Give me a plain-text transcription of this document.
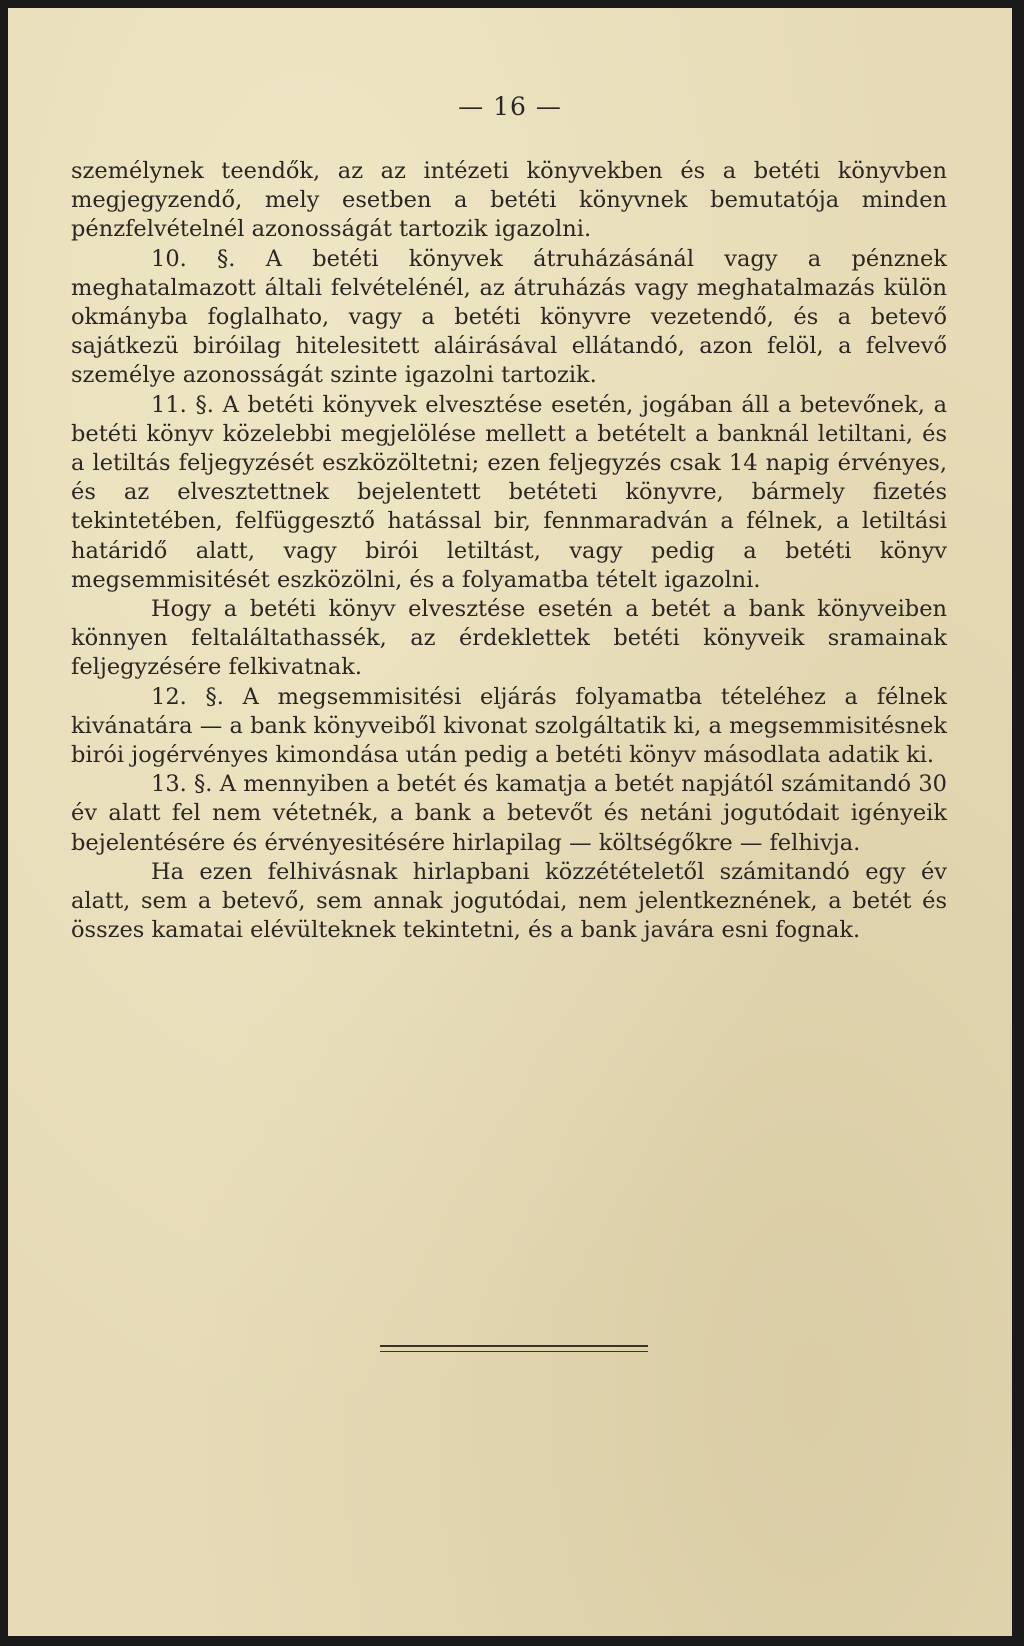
— 16 —

személynek teendők, az az intézeti könyvekben és a betéti könyvben megjegyzendő, mely esetben a betéti könyvnek bemutatója minden pénzfelvételnél azonosságát tartozik igazolni.

10. §. A betéti könyvek átruházásánál vagy a pénznek meghatalmazott általi felvételénél, az átruházás vagy meghatalmazás külön okmányba foglalhato, vagy a betéti könyvre vezetendő, és a betevő sajátkezü biróilag hitelesitett aláirásával ellátandó, azon felöl, a felvevő személye azonosságát szinte igazolni tartozik.

11. §. A betéti könyvek elvesztése esetén, jogában áll a betevőnek, a betéti könyv közelebbi megjelölése mellett a betételt a banknál letiltani, és a letiltás feljegyzését eszközöltetni; ezen feljegyzés csak 14 napig érvényes, és az elvesztettnek bejelentett betéteti könyvre, bármely fizetés tekintetében, felfüggesztő hatással bir, fennmaradván a félnek, a letiltási határidő alatt, vagy birói letiltást, vagy pedig a betéti könyv megsemmisitését eszközölni, és a folyamatba tételt igazolni.

Hogy a betéti könyv elvesztése esetén a betét a bank könyveiben könnyen feltaláltathassék, az érdeklettek betéti könyveik sramainak feljegyzésére felkivatnak.

12. §. A megsemmisitési eljárás folyamatba tételéhez a félnek kivánatára — a bank könyveiből kivonat szolgáltatik ki, a megsemmisitésnek birói jogérvényes kimondása után pedig a betéti könyv másodlata adatik ki.

13. §. A mennyiben a betét és kamatja a betét napjától számitandó 30 év alatt fel nem vétetnék, a bank a betevőt és netáni jogutódait igényeik bejelentésére és érvényesitésére hirlapilag — költségőkre — felhivja.

Ha ezen felhivásnak hirlapbani közzétételetől számitandó egy év alatt, sem a betevő, sem annak jogutódai, nem jelentkeznének, a betét és összes kamatai elévülteknek tekintetni, és a bank javára esni fognak.
